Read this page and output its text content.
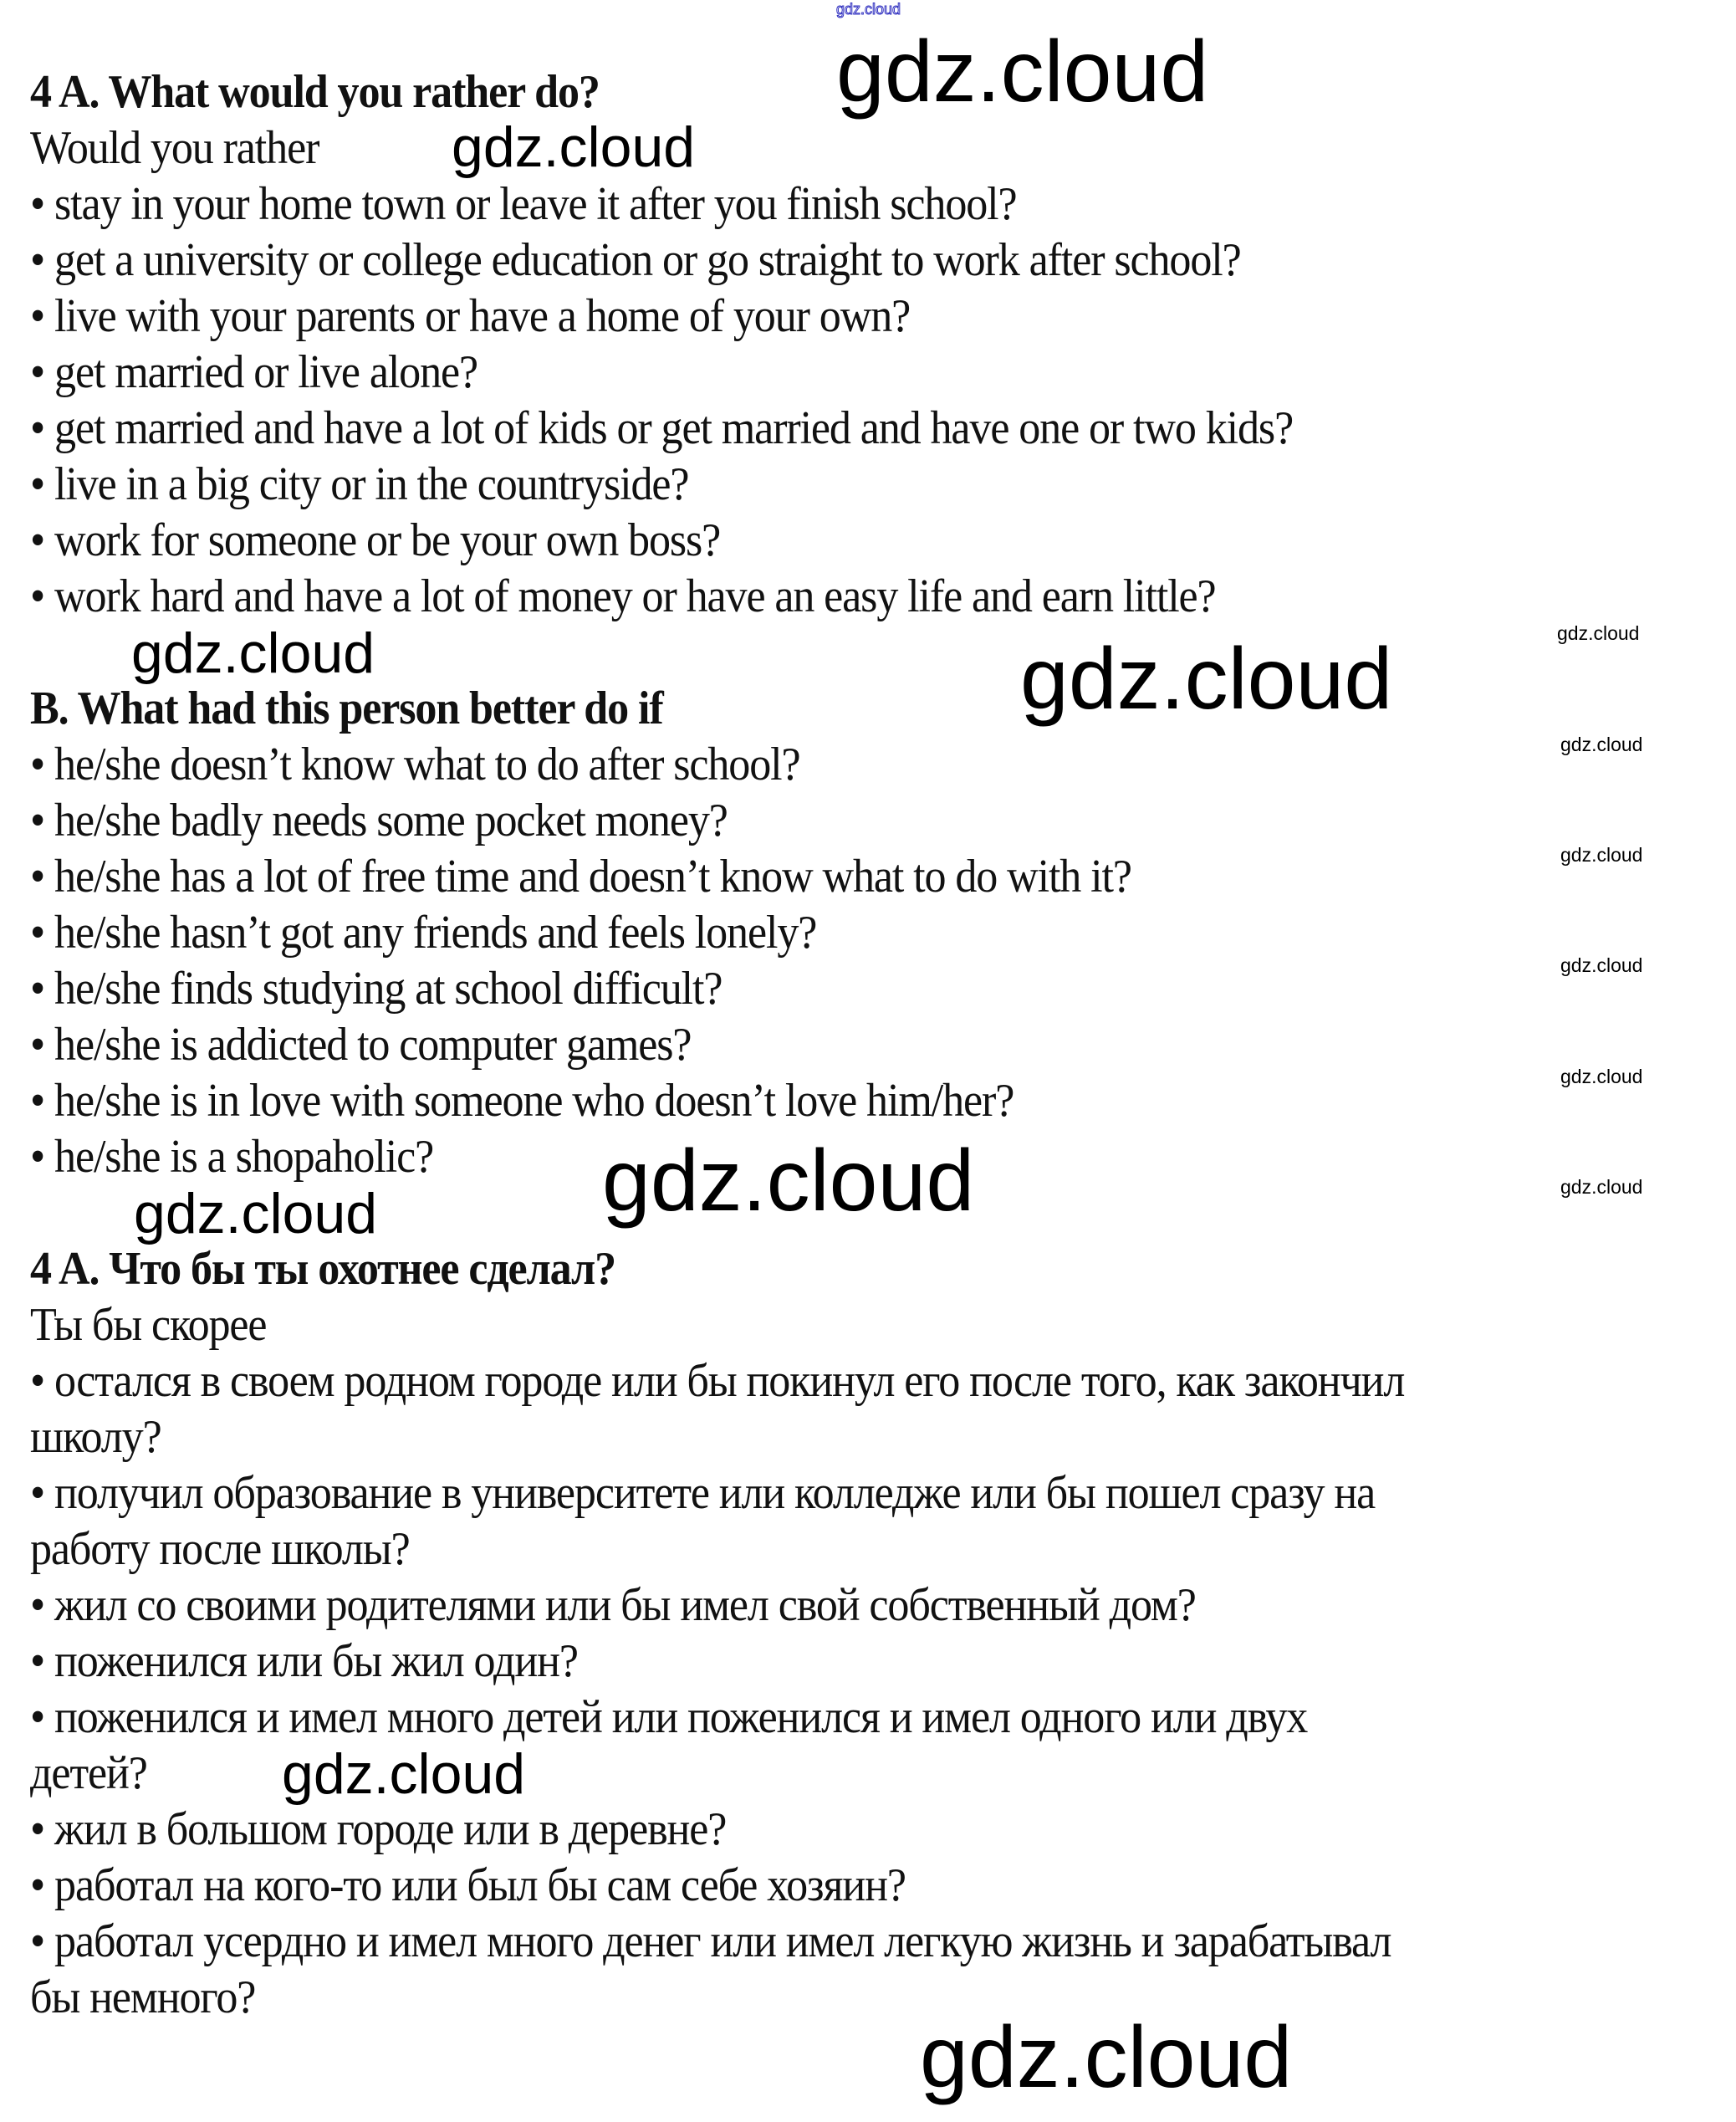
4 A. What would you rather do?
Would you rather
• stay in your home town or leave it after you finish school?
• get a university or college education or go straight to work after school?
• live with your parents or have a home of your own?
• get married or live alone?
• get married and have a lot of kids or get married and have one or two kids?
• live in a big city or in the countryside?
• work for someone or be your own boss?
• work hard and have a lot of money or have an easy life and earn little?
B. What had this person better do if
• he/she doesn’t know what to do after school?
• he/she badly needs some pocket money?
• he/she has a lot of free time and doesn’t know what to do with it?
• he/she hasn’t got any friends and feels lonely?
• he/she finds studying at school difficult?
• he/she is addicted to computer games?
• he/she is in love with someone who doesn’t love him/her?
• he/she is a shopaholic?
4 A. Что бы ты охотнее сделал?
Ты бы скорее
• остался в своем родном городе или бы покинул его после того, как закончил
школу?
• получил образование в университете или колледже или бы пошел сразу на
работу после школы?
• жил со своими родителями или бы имел свой собственный дом?
• поженился или бы жил один?
• поженился и имел много детей или поженился и имел одного или двух
детей?
• жил в большом городе или в деревне?
• работал на кого-то или был бы сам себе хозяин?
• работал усердно и имел много денег или имел легкую жизнь и зарабатывал
бы немного?
gdz.cloud
gdz.cloud
gdz.cloud
gdz.cloud	gdz.cloud
gdz.cloud
gdz.cloud
gdz.cloud
gdz.cloud
gdz.cloud
gdz.cloud
gdz.cloud
gdz.cloud
gdz.cloud
gdz.cloud
